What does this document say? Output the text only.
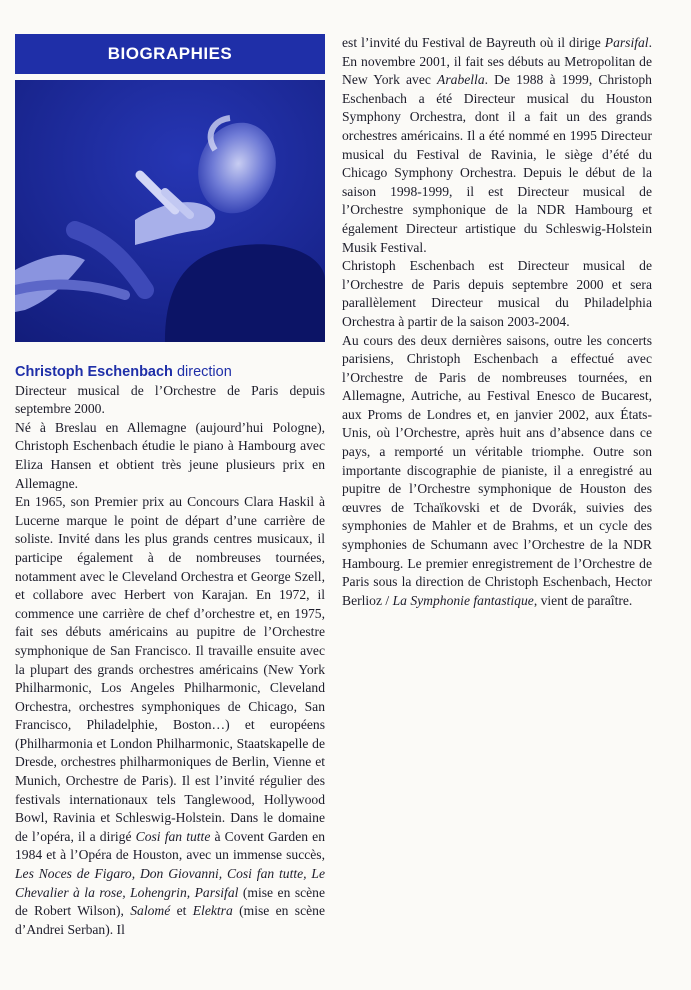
BIOGRAPHIES

Christoph Eschenbach direction

Directeur musical de l’Orchestre de Paris depuis septembre 2000.

Né à Breslau en Allemagne (aujourd’hui Pologne), Christoph Eschenbach étudie le piano à Hambourg avec Eliza Hansen et obtient très jeune plusieurs prix en Allemagne.

En 1965, son Premier prix au Concours Clara Haskil à Lucerne marque le point de départ d’une carrière de soliste. Invité dans les plus grands centres musicaux, il participe également à de nombreuses tournées, notamment avec le Cleveland Orchestra et George Szell, et collabore avec Herbert von Karajan. En 1972, il commence une carrière de chef d’orchestre et, en 1975, fait ses débuts américains au pupitre de l’Orchestre symphonique de San Francisco. Il travaille ensuite avec la plupart des grands orchestres américains (New York Philharmonic, Los Angeles Philharmonic, Cleveland Orchestra, orchestres symphoniques de Chicago, San Francisco, Philadelphie, Boston…) et européens (Philharmonia et London Philharmonic, Staatskapelle de Dresde, orchestres philharmoniques de Berlin, Vienne et Munich, Orchestre de Paris). Il est l’invité régulier des festivals internationaux tels Tanglewood, Hollywood Bowl, Ravinia et Schleswig-Holstein. Dans le domaine de l’opéra, il a dirigé Cosi fan tutte à Covent Garden en 1984 et à l’Opéra de Houston, avec un immense succès, Les Noces de Figaro, Don Giovanni, Cosi fan tutte, Le Chevalier à la rose, Lohengrin, Parsifal (mise en scène de Robert Wilson), Salomé et Elektra (mise en scène d’Andrei Serban). Il

est l’invité du Festival de Bayreuth où il dirige Parsifal. En novembre 2001, il fait ses débuts au Metropolitan de New York avec Arabella. De 1988 à 1999, Christoph Eschenbach a été Directeur musical du Houston Symphony Orchestra, dont il a fait un des grands orchestres américains. Il a été nommé en 1995 Directeur musical du Festival de Ravinia, le siège d’été du Chicago Symphony Orchestra. Depuis le début de la saison 1998-1999, il est Directeur musical de l’Orchestre symphonique de la NDR Hambourg et également Directeur artistique du Schleswig-Holstein Musik Festival.

Christoph Eschenbach est Directeur musical de l’Orchestre de Paris depuis septembre 2000 et sera parallèlement Directeur musical du Philadelphia Orchestra à partir de la saison 2003-2004.

Au cours des deux dernières saisons, outre les concerts parisiens, Christoph Eschenbach a effectué avec l’Orchestre de Paris de nombreuses tournées, en Allemagne, Autriche, au Festival Enesco de Bucarest, aux Proms de Londres et, en janvier 2002, aux États-Unis, où l’Orchestre, après huit ans d’absence dans ce pays, a remporté un véritable triomphe. Outre son importante discographie de pianiste, il a enregistré au pupitre de l’Orchestre symphonique de Houston des œuvres de Tchaïkovski et de Dvorák, suivies des symphonies de Mahler et de Brahms, et un cycle des symphonies de Schumann avec l’Orchestre de la NDR Hambourg. Le premier enregistrement de l’Orchestre de Paris sous la direction de Christoph Eschenbach, Hector Berlioz / La Symphonie fantastique, vient de paraître.
